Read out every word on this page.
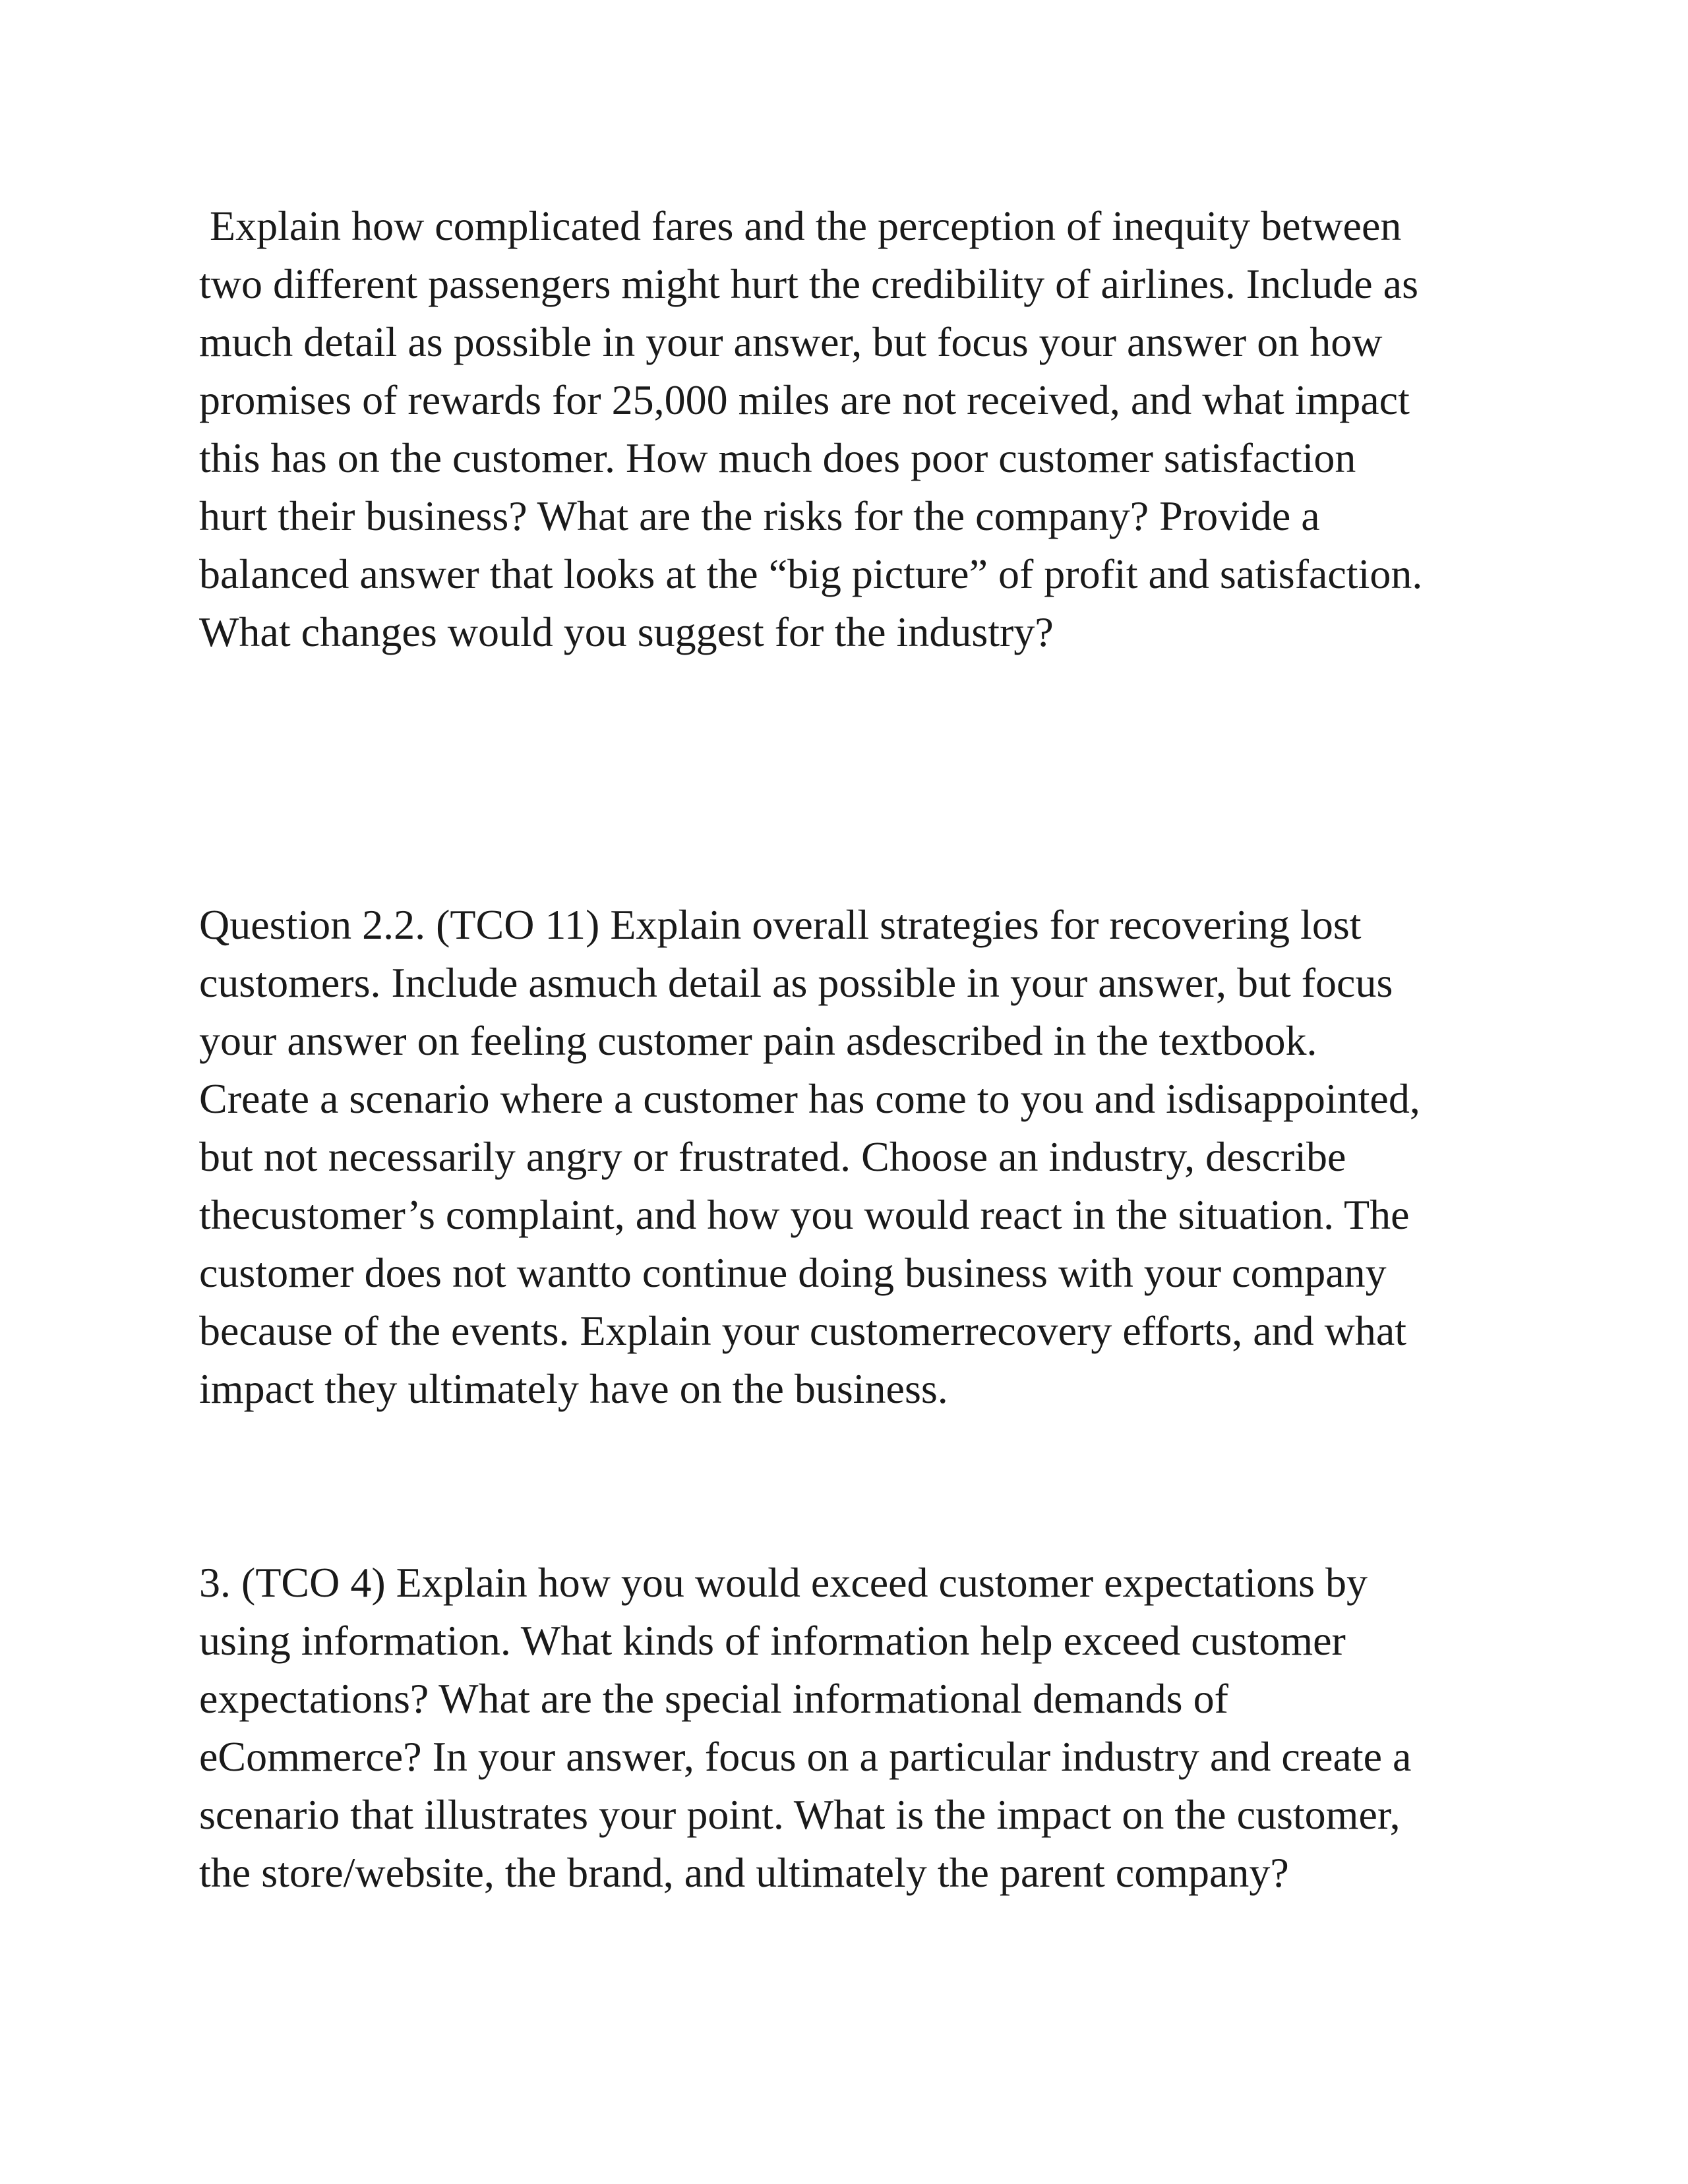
Explain how complicated fares and the perception of inequity between
two different passengers might hurt the credibility of airlines. Include as
much detail as possible in your answer, but focus your answer on how
promises of rewards for 25,000 miles are not received, and what impact
this has on the customer. How much does poor customer satisfaction
hurt their business? What are the risks for the company? Provide a
balanced answer that looks at the “big picture” of profit and satisfaction.
What changes would you suggest for the industry?

Question 2.2. (TCO 11) Explain overall strategies for recovering lost
customers. Include asmuch detail as possible in your answer, but focus
your answer on feeling customer pain asdescribed in the textbook.
Create a scenario where a customer has come to you and isdisappointed,
but not necessarily angry or frustrated. Choose an industry, describe
thecustomer’s complaint, and how you would react in the situation. The
customer does not wantto continue doing business with your company
because of the events. Explain your customerrecovery efforts, and what
impact they ultimately have on the business.

3. (TCO 4) Explain how you would exceed customer expectations by
using information. What kinds of information help exceed customer
expectations? What are the special informational demands of
eCommerce? In your answer, focus on a particular industry and create a
scenario that illustrates your point. What is the impact on the customer,
the store/website, the brand, and ultimately the parent company?
